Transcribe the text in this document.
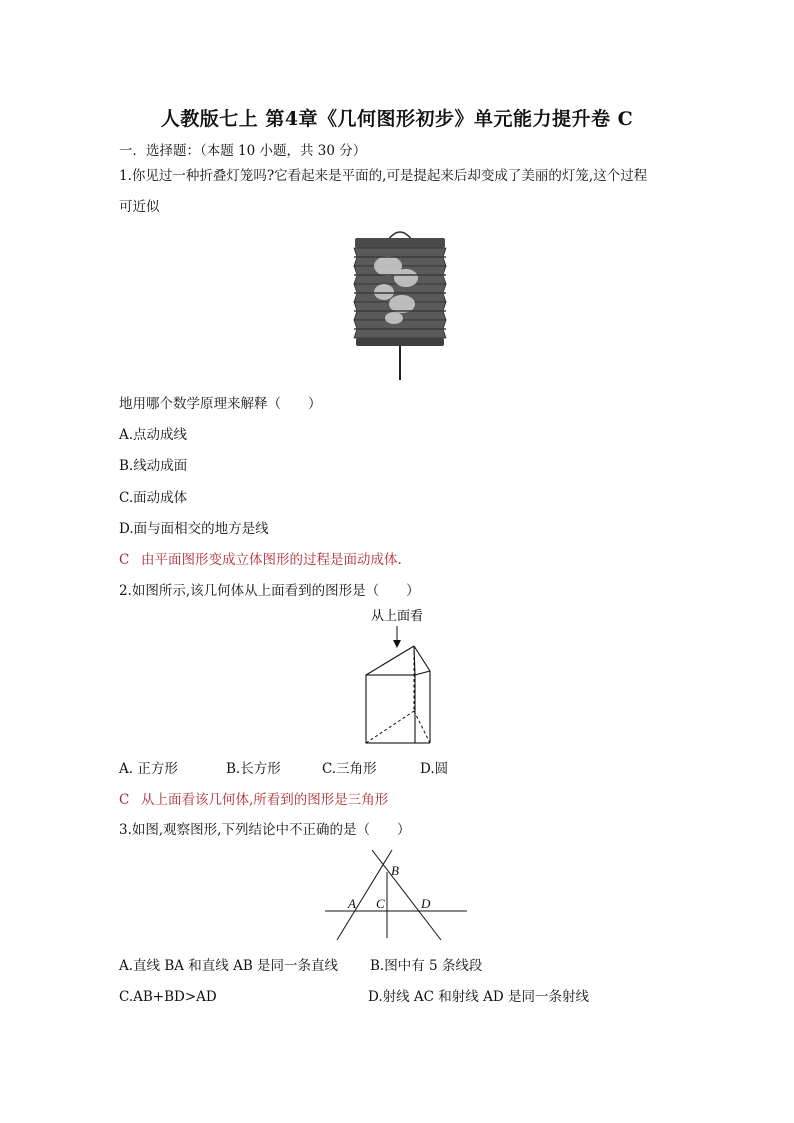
人教版七上 第4章《几何图形初步》单元能力提升卷 C
一．选择题：（本题 10 小题，共 30 分）
1.你见过一种折叠灯笼吗?它看起来是平面的,可是提起来后却变成了美丽的灯笼,这个过程
可近似
地用哪个数学原理来解释（　　）
A.点动成线
B.线动成面
C.面动成体
D.面与面相交的地方是线
C 由平面图形变成立体图形的过程是面动成体.
2.如图所示,该几何体从上面看到的图形是（　　）
从上面看
A. 正方形	B.长方形	C.三角形	D.圆
C 从上面看该几何体,所看到的图形是三角形
3.如图,观察图形,下列结论中不正确的是（　　）
A
B
C	D
A.直线 BA 和直线 AB 是同一条直线 B.图中有 5 条线段
C.AB+BD>AD	D.射线 AC 和射线 AD 是同一条射线
